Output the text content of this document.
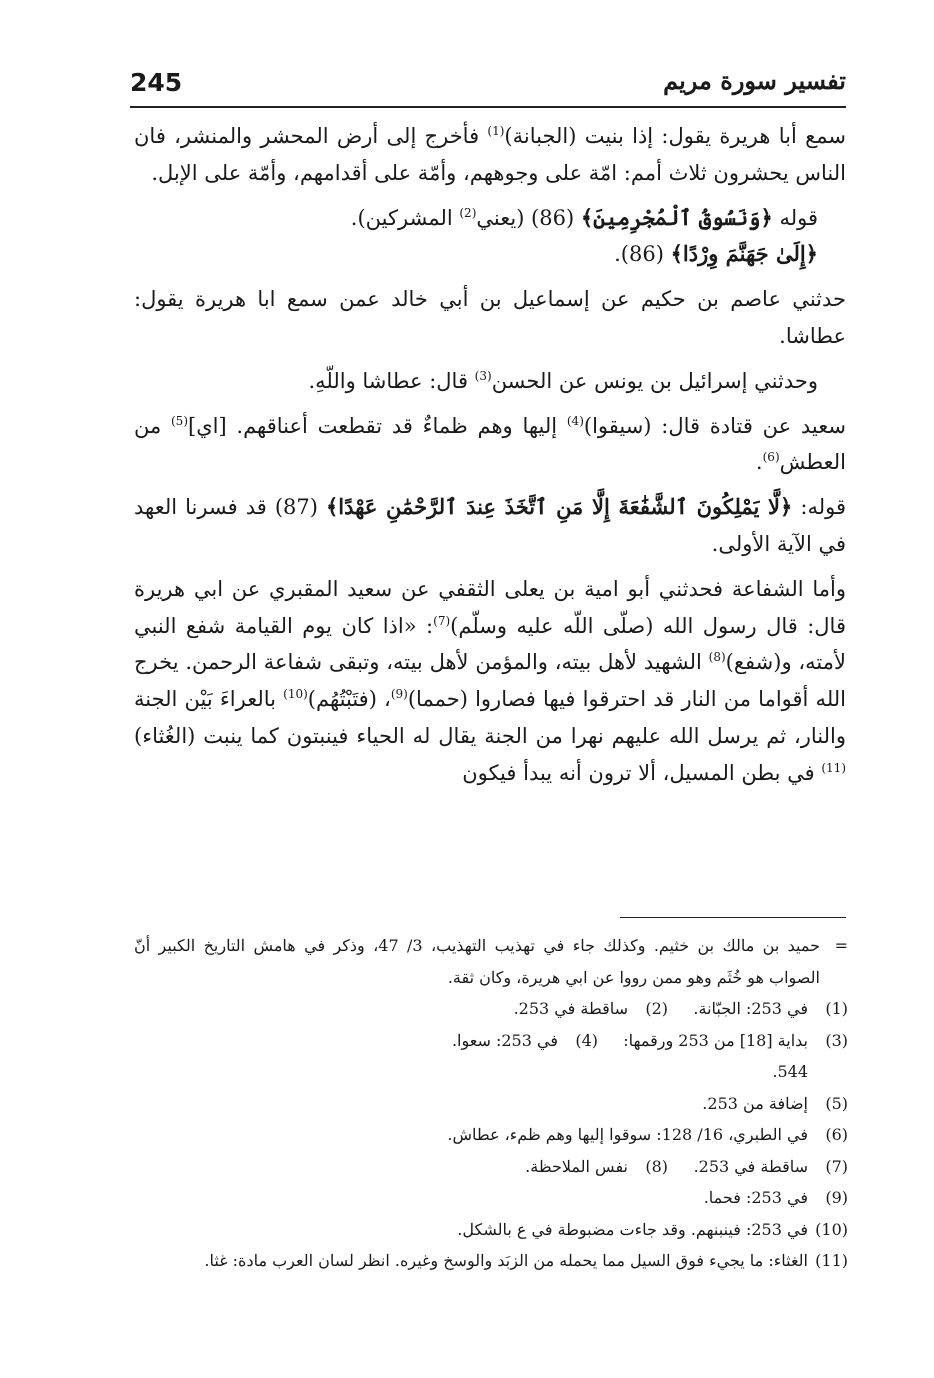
245	تفسير سورة مريم

سمع أبا هريرة يقول: إذا بنيت (الجبانة)$^{(1)}$ فأخرج إلى أرض المحشر والمنشر، فان الناس يحشرون ثلاث أمم: امّة على وجوههم، وأمّة على أقدامهم، وأمّة على الإبل.

قوله ﴿وَنَسُوقُ ٱلْمُجْرِمِينَ﴾ (86) (يعني$^{(2)}$ المشركين).

﴿إِلَىٰ جَهَنَّمَ وِرْدًا﴾ (86).

حدثني عاصم بن حكيم عن إسماعيل بن أبي خالد عمن سمع ابا هريرة يقول: عطاشا.

وحدثني إسرائيل بن يونس عن الحسن$^{(3)}$ قال: عطاشا واللّهِ.

سعيد عن قتادة قال: (سيقوا)$^{(4)}$ إليها وهم ظماءٌ قد تقطعت أعناقهم. [اي]$^{(5)}$ من العطش$^{(6)}$.

قوله: ﴿لَّا يَمْلِكُونَ ٱلشَّفَٰعَةَ إِلَّا مَنِ ٱتَّخَذَ عِندَ ٱلرَّحْمَٰنِ عَهْدًا﴾ (87) قد فسرنا العهد في الآية الأولى.

وأما الشفاعة فحدثني أبو امية بن يعلى الثقفي عن سعيد المقبري عن ابي هريرة قال: قال رسول الله (صلّى اللّه عليه وسلّم)$^{(7)}$: «اذا كان يوم القيامة شفع النبي لأمته، و(شفع)$^{(8)}$ الشهيد لأهل بيته، والمؤمن لأهل بيته، وتبقى شفاعة الرحمن. يخرج الله أقواما من النار قد احترقوا فيها فصاروا (حمما)$^{(9)}$، (فتَبْتُهُم)$^{(10)}$ بالعراءَ بَيْن الجنة والنار، ثم يرسل الله عليهم نهرا من الجنة يقال له الحياء فينبتون كما ينبت (الغُثاء)$^{(11)}$ في بطن المسيل، ألا ترون أنه يبدأ فيكون

=
حميد بن مالك بن خثيم. وكذلك جاء في تهذيب التهذيب، 3/ 47، وذكر في هامش التاريخ الكبير أنّ الصواب هو خُثَم وهو ممن رووا عن ابي هريرة، وكان ثقة.
(1)
في 253: الجبّانة.
(2)
ساقطة في 253.
(3)
بداية [18] من 253 ورقمها: 544.
(4)
في 253: سعوا.
(5)
إضافة من 253.
(6)
في الطبري، 16/ 128: سوقوا إليها وهم ظمء، عطاش.
(7)
ساقطة في 253.
(8)
نفس الملاحظة.
(9)
في 253: فحما.
(10)
في 253: فينبنهم. وقد جاءت مضبوطة في ع بالشكل.
(11)
الغثاء: ما يجيء فوق السيل مما يحمله من الزبَد والوسخ وغيره. انظر لسان العرب مادة: غثا.
